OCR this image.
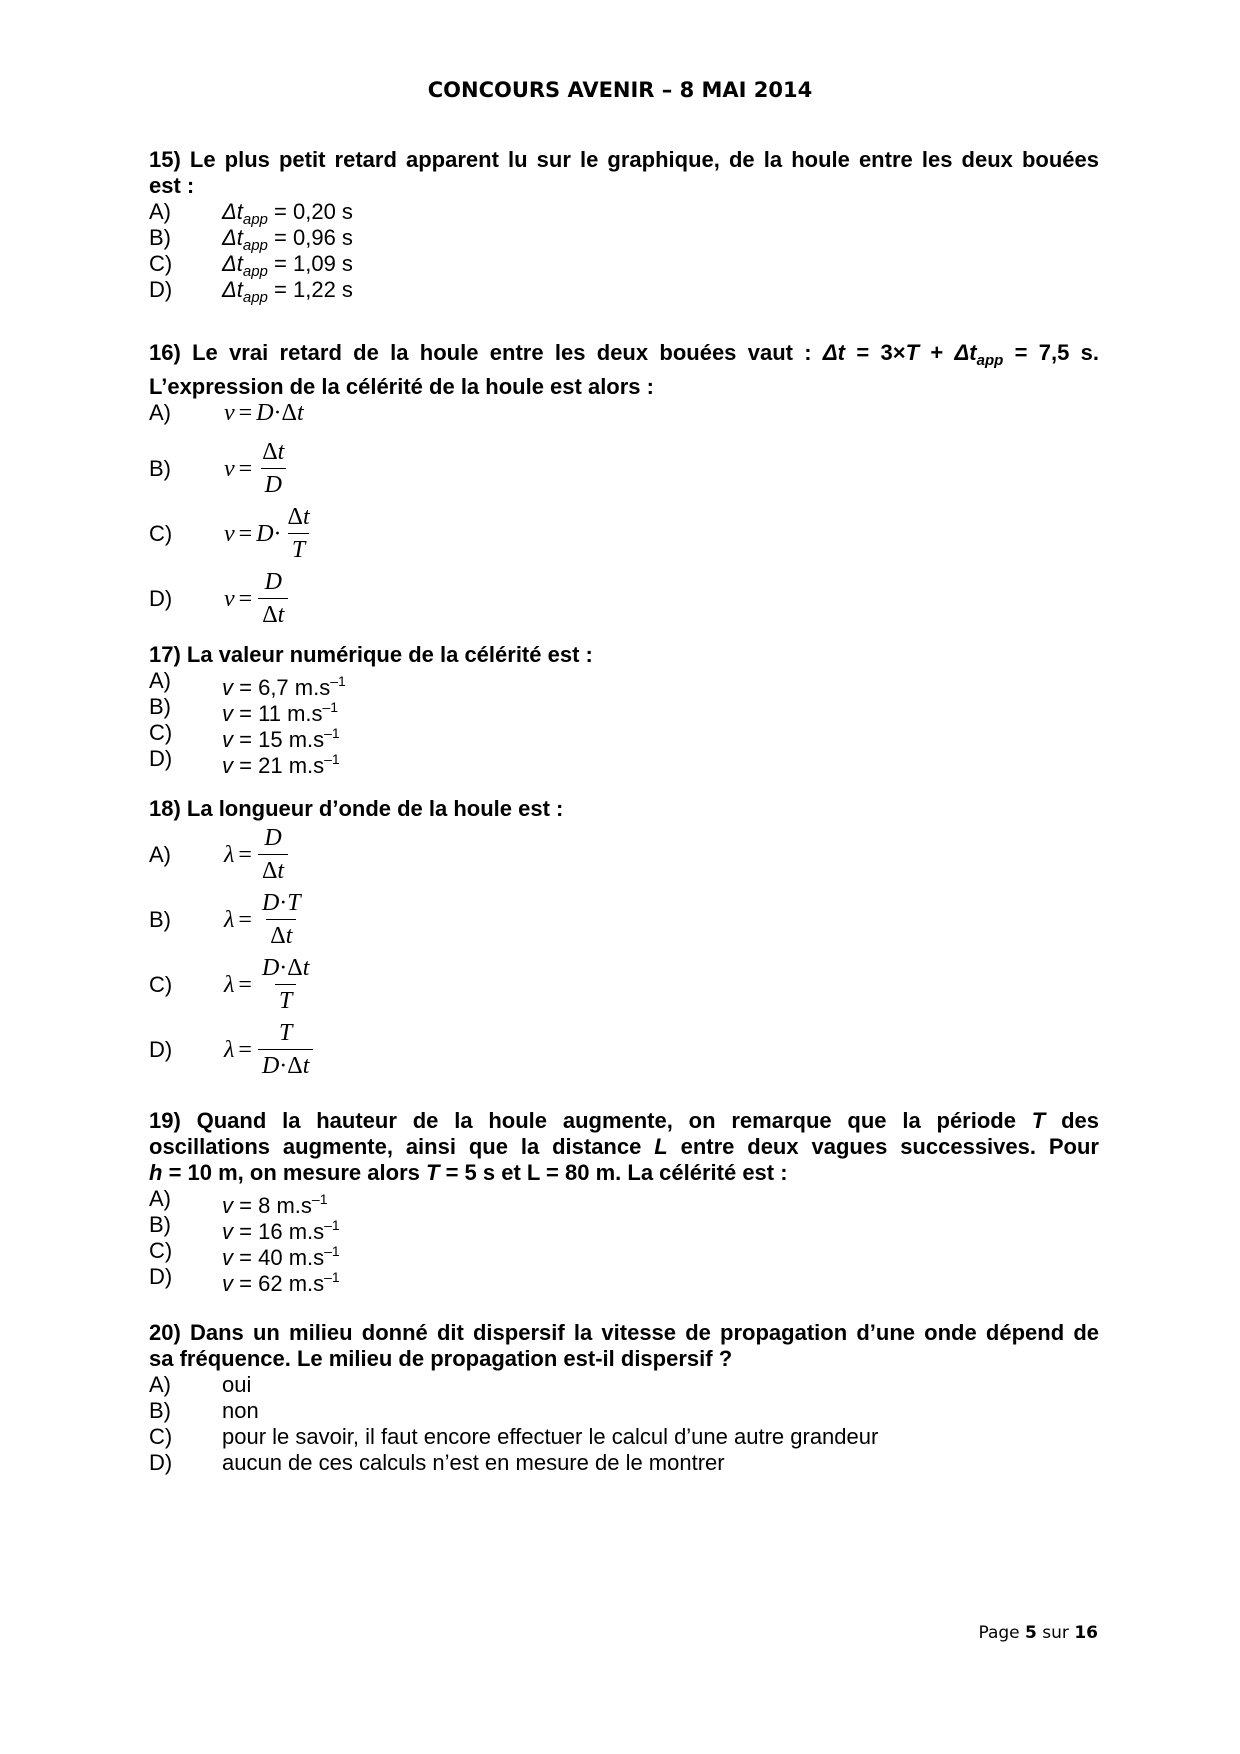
CONCOURS AVENIR – 8 MAI 2014

15) Le plus petit retard apparent lu sur le graphique, de la houle entre les deux bouées

est :

A)	$\Delta t_{app} = 0,20$ s
B)	$\Delta t_{app} = 0,96$ s
C)	$\Delta t_{app} = 1,09$ s
D)	$\Delta t_{app} = 1,22$ s

16) Le vrai retard de la houle entre les deux bouées vaut : $\Delta t = 3\times T + \Delta t_{app} = 7,5$ s.

L’expression de la célérité de la houle est alors :

A)	v = D·Δt
B)	$v = \frac{\Delta t}{D}$
C)	$v = D \cdot \frac{\Delta t}{T}$
D)	$v = \frac{D}{\Delta t}$

17) La valeur numérique de la célérité est :

A)	v = 6,7 $m.s^{-1}$
B)	v = 11 $m.s^{-1}$
C)	v = 15 $m.s^{-1}$
D)	v = 21 $m.s^{-1}$

18) La longueur d’onde de la houle est :

A)	$\lambda = \frac{D}{\Delta t}$
B)	$\lambda = \frac{D\cdot T}{\Delta t}$
C)	$\lambda = \frac{D\cdot\Delta t}{T}$
D)	$\lambda = \frac{T}{D\cdot\Delta t}$

19) Quand la hauteur de la houle augmente, on remarque que la période T des

oscillations augmente, ainsi que la distance L entre deux vagues successives. Pour

h = 10 m, on mesure alors T = 5 s et L = 80 m. La célérité est :

A)	v = 8 $m.s^{-1}$
B)	v = 16 $m.s^{-1}$
C)	v = 40 $m.s^{-1}$
D)	v = 62 $m.s^{-1}$

20) Dans un milieu donné dit dispersif la vitesse de propagation d’une onde dépend de

sa fréquence. Le milieu de propagation est-il dispersif ?

A)	oui
B)	non
C)	pour le savoir, il faut encore effectuer le calcul d’une autre grandeur
D)	aucun de ces calculs n’est en mesure de le montrer
Page 5 sur 16
